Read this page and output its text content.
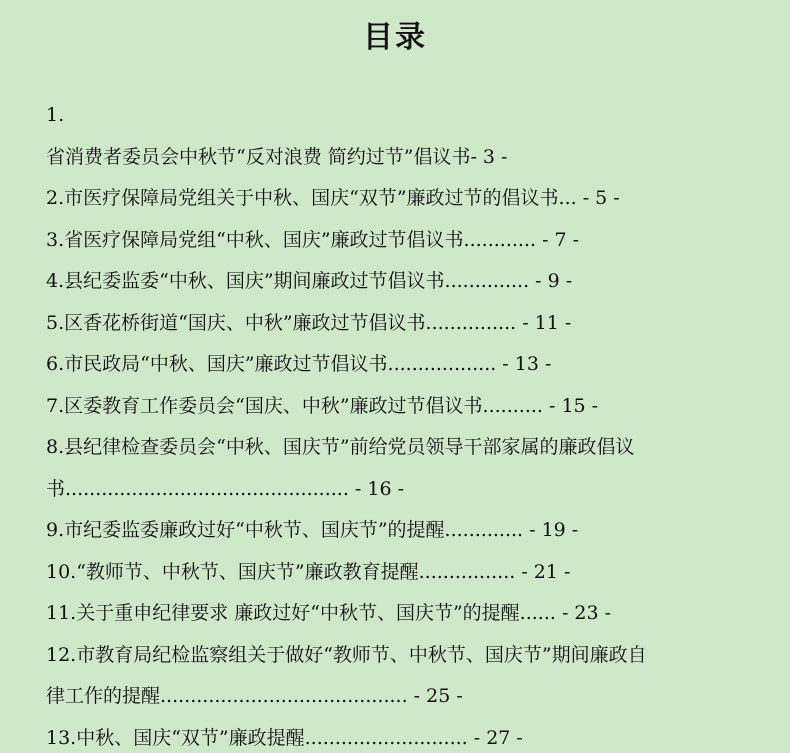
目录
1.
省消费者委员会中秋节“反对浪费 简约过节”倡议书- 3 -
2.市医疗保障局党组关于中秋、国庆“双节”廉政过节的倡议书... - 5 -
3.省医疗保障局党组“中秋、国庆”廉政过节倡议书............ - 7 -
4.县纪委监委“中秋、国庆”期间廉政过节倡议书.............. - 9 -
5.区香花桥街道“国庆、中秋”廉政过节倡议书............... - 11 -
6.市民政局“中秋、国庆”廉政过节倡议书.................. - 13 -
7.区委教育工作委员会“国庆、中秋”廉政过节倡议书.......... - 15 -
8.县纪律检查委员会“中秋、国庆节”前给党员领导干部家属的廉政倡议
书............................................... - 16 -
9.市纪委监委廉政过好“中秋节、国庆节”的提醒............. - 19 -
10.“教师节、中秋节、国庆节”廉政教育提醒................ - 21 -
11.关于重申纪律要求 廉政过好“中秋节、国庆节”的提醒...... - 23 -
12.市教育局纪检监察组关于做好“教师节、中秋节、国庆节”期间廉政自
律工作的提醒......................................... - 25 -
13.中秋、国庆“双节”廉政提醒........................... - 27 -
